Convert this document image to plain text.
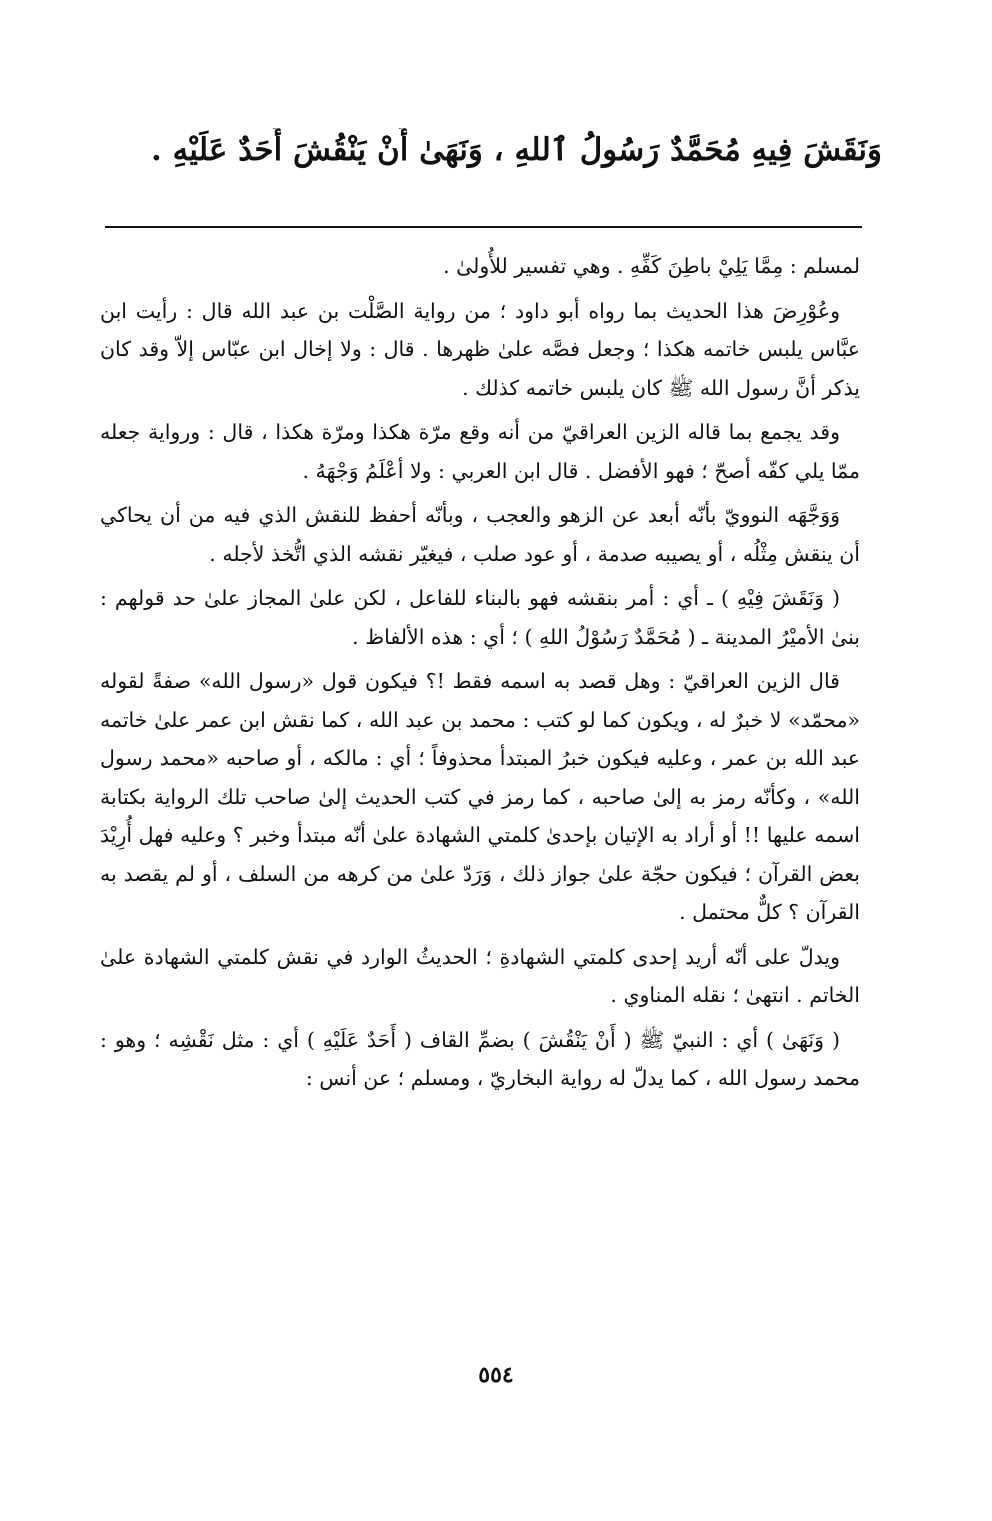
وَنَقَشَ فِيهِ مُحَمَّدٌ رَسُولُ ٱللهِ ، وَنَهَىٰ أَنْ يَنْقُشَ أَحَدٌ عَلَيْهِ .

لمسلم : مِمَّا يَلِيْ باطِنَ كَفِّهِ . وهي تفسير للأُولىٰ .

وعُوْرِضَ هذا الحديث بما رواه أبو داود ؛ من رواية الصَّلْت بن عبد الله قال : رأيت ابن عبَّاس يلبس خاتمه هكذا ؛ وجعل فصَّه علىٰ ظهرها . قال : ولا إخال ابن عبّاس إلاّ وقد كان يذكر أنَّ رسول الله ﷺ كان يلبس خاتمه كذلك .

وقد يجمع بما قاله الزين العراقيّ من أنه وقع مرّة هكذا ومرّة هكذا ، قال : ورواية جعله ممّا يلي كفّه أصحّ ؛ فهو الأفضل . قال ابن العربي : ولا أعْلَمُ وَجْهَهُ .

وَوَجَّهَه النوويّ بأنّه أبعد عن الزهو والعجب ، وبأنّه أحفظ للنقش الذي فيه من أن يحاكي أن ينقش مِثْلُه ، أو يصيبه صدمة ، أو عود صلب ، فيغيّر نقشه الذي اتُّخذ لأجله .

( وَنَقَشَ فِيْهِ ) ـ أي : أمر بنقشه فهو بالبناء للفاعل ، لكن علىٰ المجاز علىٰ حد قولهم : بنىٰ الأميْرُ المدينة ـ ( مُحَمَّدٌ رَسُوْلُ اللهِ ) ؛ أي : هذه الألفاظ .

قال الزين العراقيّ : وهل قصد به اسمه فقط !؟ فيكون قول «رسول الله» صفةً لقوله «محمّد» لا خبرٌ له ، ويكون كما لو كتب : محمد بن عبد الله ، كما نقش ابن عمر علىٰ خاتمه عبد الله بن عمر ، وعليه فيكون خبرُ المبتدأ محذوفاً ؛ أي : مالكه ، أو صاحبه «محمد رسول الله» ، وكأنّه رمز به إلىٰ صاحبه ، كما رمز في كتب الحديث إلىٰ صاحب تلك الرواية بكتابة اسمه عليها !! أو أراد به الإتيان بإحدىٰ كلمتي الشهادة علىٰ أنّه مبتدأ وخبر ؟ وعليه فهل أُرِيْدَ بعض القرآن ؛ فيكون حجّة علىٰ جواز ذلك ، وَرَدّ علىٰ من كرهه من السلف ، أو لم يقصد به القرآن ؟ كلٌّ محتمل .

ويدلّ على أنّه أريد إحدى كلمتي الشهادةِ ؛ الحديثُ الوارد في نقش كلمتي الشهادة علىٰ الخاتم . انتهىٰ ؛ نقله المناوي .

( وَنَهَىٰ ) أي : النبيّ ﷺ ( أَنْ يَنْقُشَ ) بضمِّ القاف ( أَحَدٌ عَلَيْهِ ) أي : مثل نَقْشِه ؛ وهو : محمد رسول الله ، كما يدلّ له رواية البخاريّ ، ومسلم ؛ عن أنس :

٥٥٤
